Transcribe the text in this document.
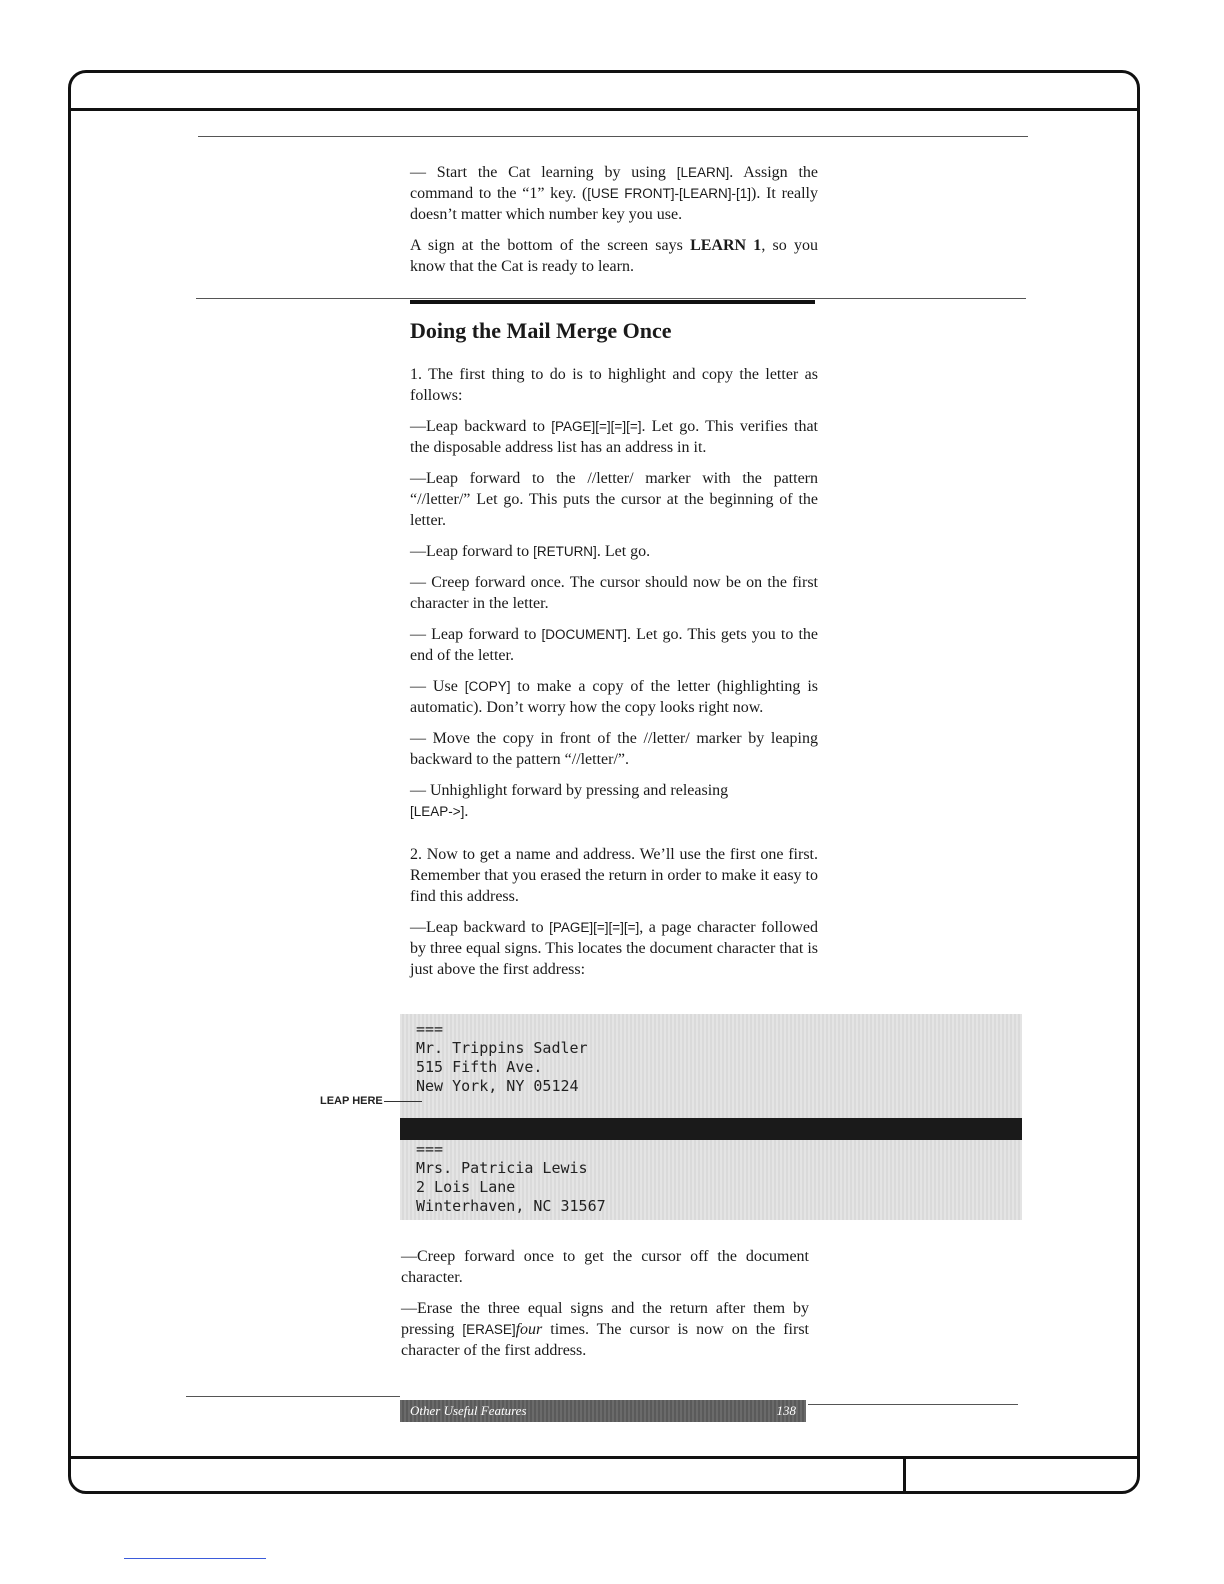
— Start the Cat learning by using [LEARN]. Assign the command to the “1” key. ([USE FRONT]-[LEARN]-[1]). It really doesn’t matter which number key you use.

A sign at the bottom of the screen says LEARN 1, so you know that the Cat is ready to learn.

Doing the Mail Merge Once

1. The first thing to do is to highlight and copy the letter as follows:

—Leap backward to [PAGE][=][=][=]. Let go. This verifies that the disposable address list has an address in it.

—Leap forward to the //letter/ marker with the pattern “//letter/” Let go. This puts the cursor at the beginning of the letter.

—Leap forward to [RETURN]. Let go.

— Creep forward once. The cursor should now be on the first character in the letter.

— Leap forward to [DOCUMENT]. Let go. This gets you to the end of the letter.

— Use [COPY] to make a copy of the letter (highlighting is automatic). Don’t worry how the copy looks right now.

— Move the copy in front of the //letter/ marker by leaping backward to the pattern “//letter/”.

— Unhighlight forward by pressing and releasing
[LEAP->].

2. Now to get a name and address. We’ll use the first one first. Remember that you erased the return in order to make it easy to find this address.

—Leap backward to [PAGE][=][=][=], a page character followed by three equal signs. This locates the document character that is just above the first address:

===
Mr. Trippins Sadler
515 Fifth Ave.
New York, NY 05124
===
Mrs. Patricia Lewis
2 Lois Lane
Winterhaven, NC 31567
LEAP HERE

—Creep forward once to get the cursor off the document character.

—Erase the three equal signs and the return after them by pressing [ERASE]four times. The cursor is now on the first character of the first address.

Other Useful Features	138
